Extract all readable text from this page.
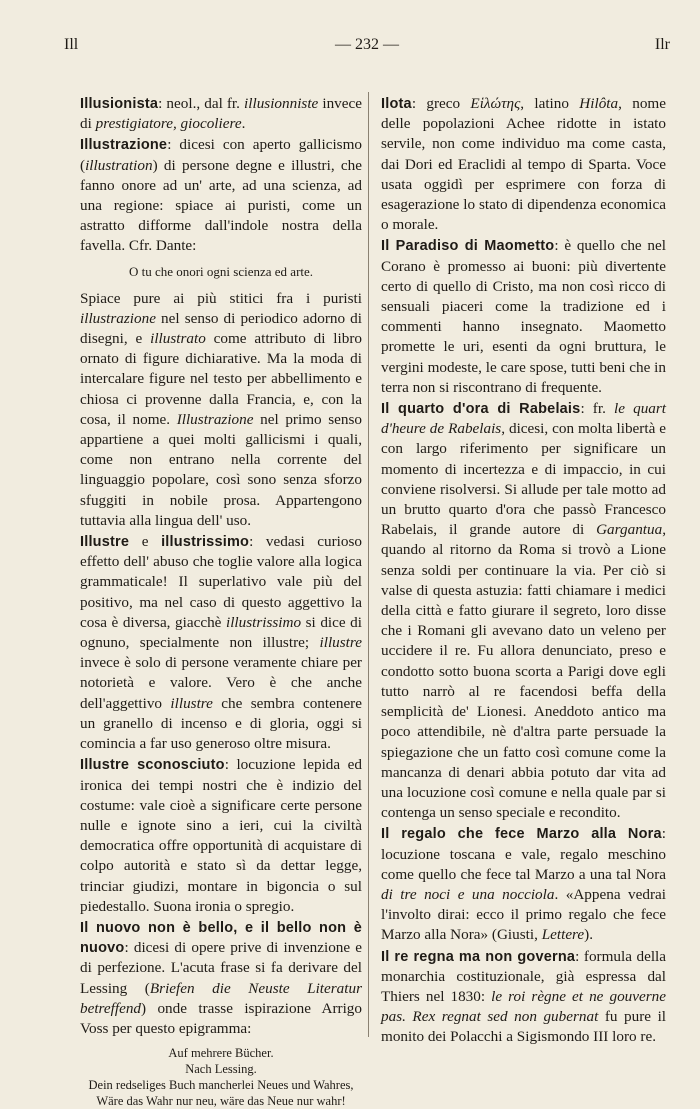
Ill	— 232 —	Ilr

Illusionista: neol., dal fr. illusionniste invece di prestigiatore, giocoliere.

Illustrazione: dicesi con aperto gallicismo (illustration) di persone degne e illustri, che fanno onore ad un' arte, ad una scienza, ad una regione: spiace ai puristi, come un astratto difforme dall'indole nostra della favella. Cfr. Dante:

O tu che onori ogni scienza ed arte.

Spiace pure ai più stitici fra i puristi illustrazione nel senso di periodico adorno di disegni, e illustrato come attributo di libro ornato di figure dichiarative. Ma la moda di intercalare figure nel testo per abbellimento e chiosa ci provenne dalla Francia, e, con la cosa, il nome. Illustrazione nel primo senso appartiene a quei molti gallicismi i quali, come non entrano nella corrente del linguaggio popolare, così sono senza sforzo sfuggiti in nobile prosa. Appartengono tuttavia alla lingua dell' uso.

Illustre e illustrissimo: vedasi curioso effetto dell' abuso che toglie valore alla logica grammaticale! Il superlativo vale più del positivo, ma nel caso di questo aggettivo la cosa è diversa, giacchè illustrissimo si dice di ognuno, specialmente non illustre; illustre invece è solo di persone veramente chiare per notorietà e valore. Vero è che anche dell'aggettivo illustre che sembra contenere un granello di incenso e di gloria, oggi si comincia a far uso generoso oltre misura.

Illustre sconosciuto: locuzione lepida ed ironica dei tempi nostri che è indizio del costume: vale cioè a significare certe persone nulle e ignote sino a ieri, cui la civiltà democratica offre opportunità di acquistare di colpo autorità e stato sì da dettar legge, trinciar giudizi, montare in bigoncia o sul piedestallo. Suona ironia o spregio.

Il nuovo non è bello, e il bello non è nuovo: dicesi di opere prive di invenzione e di perfezione. L'acuta frase si fa derivare del Lessing (Briefen die Neuste Literatur betreffend) onde trasse ispirazione Arrigo Voss per questo epigramma:

Auf mehrere Bücher.
Nach Lessing.
Dein redseliges Buch mancherlei Neues und Wahres,
Wäre das Wahr nur neu, wäre das Neue nur wahr!

Ilota: greco Εἱλώτης, latino Hilôta, nome delle popolazioni Achee ridotte in istato servile, non come individuo ma come casta, dai Dori ed Eraclidi al tempo di Sparta. Voce usata oggidì per esprimere con forza di esagerazione lo stato di dipendenza economica o morale.

Il Paradiso di Maometto: è quello che nel Corano è promesso ai buoni: più divertente certo di quello di Cristo, ma non così ricco di sensuali piaceri come la tradizione ed i commenti hanno insegnato. Maometto promette le uri, esenti da ogni bruttura, le vergini modeste, le care spose, tutti beni che in terra non si riscontrano di frequente.

Il quarto d'ora di Rabelais: fr. le quart d'heure de Rabelais, dicesi, con molta libertà e con largo riferimento per significare un momento di incertezza e di impaccio, in cui conviene risolversi. Si allude per tale motto ad un brutto quarto d'ora che passò Francesco Rabelais, il grande autore di Gargantua, quando al ritorno da Roma si trovò a Lione senza soldi per continuare la via. Per ciò si valse di questa astuzia: fatti chiamare i medici della città e fatto giurare il segreto, loro disse che i Romani gli avevano dato un veleno per uccidere il re. Fu allora denunciato, preso e condotto sotto buona scorta a Parigi dove egli tutto narrò al re facendosi beffa della semplicità de' Lionesi. Aneddoto antico ma poco attendibile, nè d'altra parte persuade la spiegazione che un fatto così comune come la mancanza di denari abbia potuto dar vita ad una locuzione così comune e nella quale par si contenga un senso speciale e recondito.

Il regalo che fece Marzo alla Nora: locuzione toscana e vale, regalo meschino come quello che fece tal Marzo a una tal Nora di tre noci e una nocciola. «Appena vedrai l'involto dirai: ecco il primo regalo che fece Marzo alla Nora» (Giusti, Lettere).

Il re regna ma non governa: formula della monarchia costituzionale, già espressa dal Thiers nel 1830: le roi règne et ne gouverne pas. Rex regnat sed non gubernat fu pure il monito dei Polacchi a Sigismondo III loro re.
